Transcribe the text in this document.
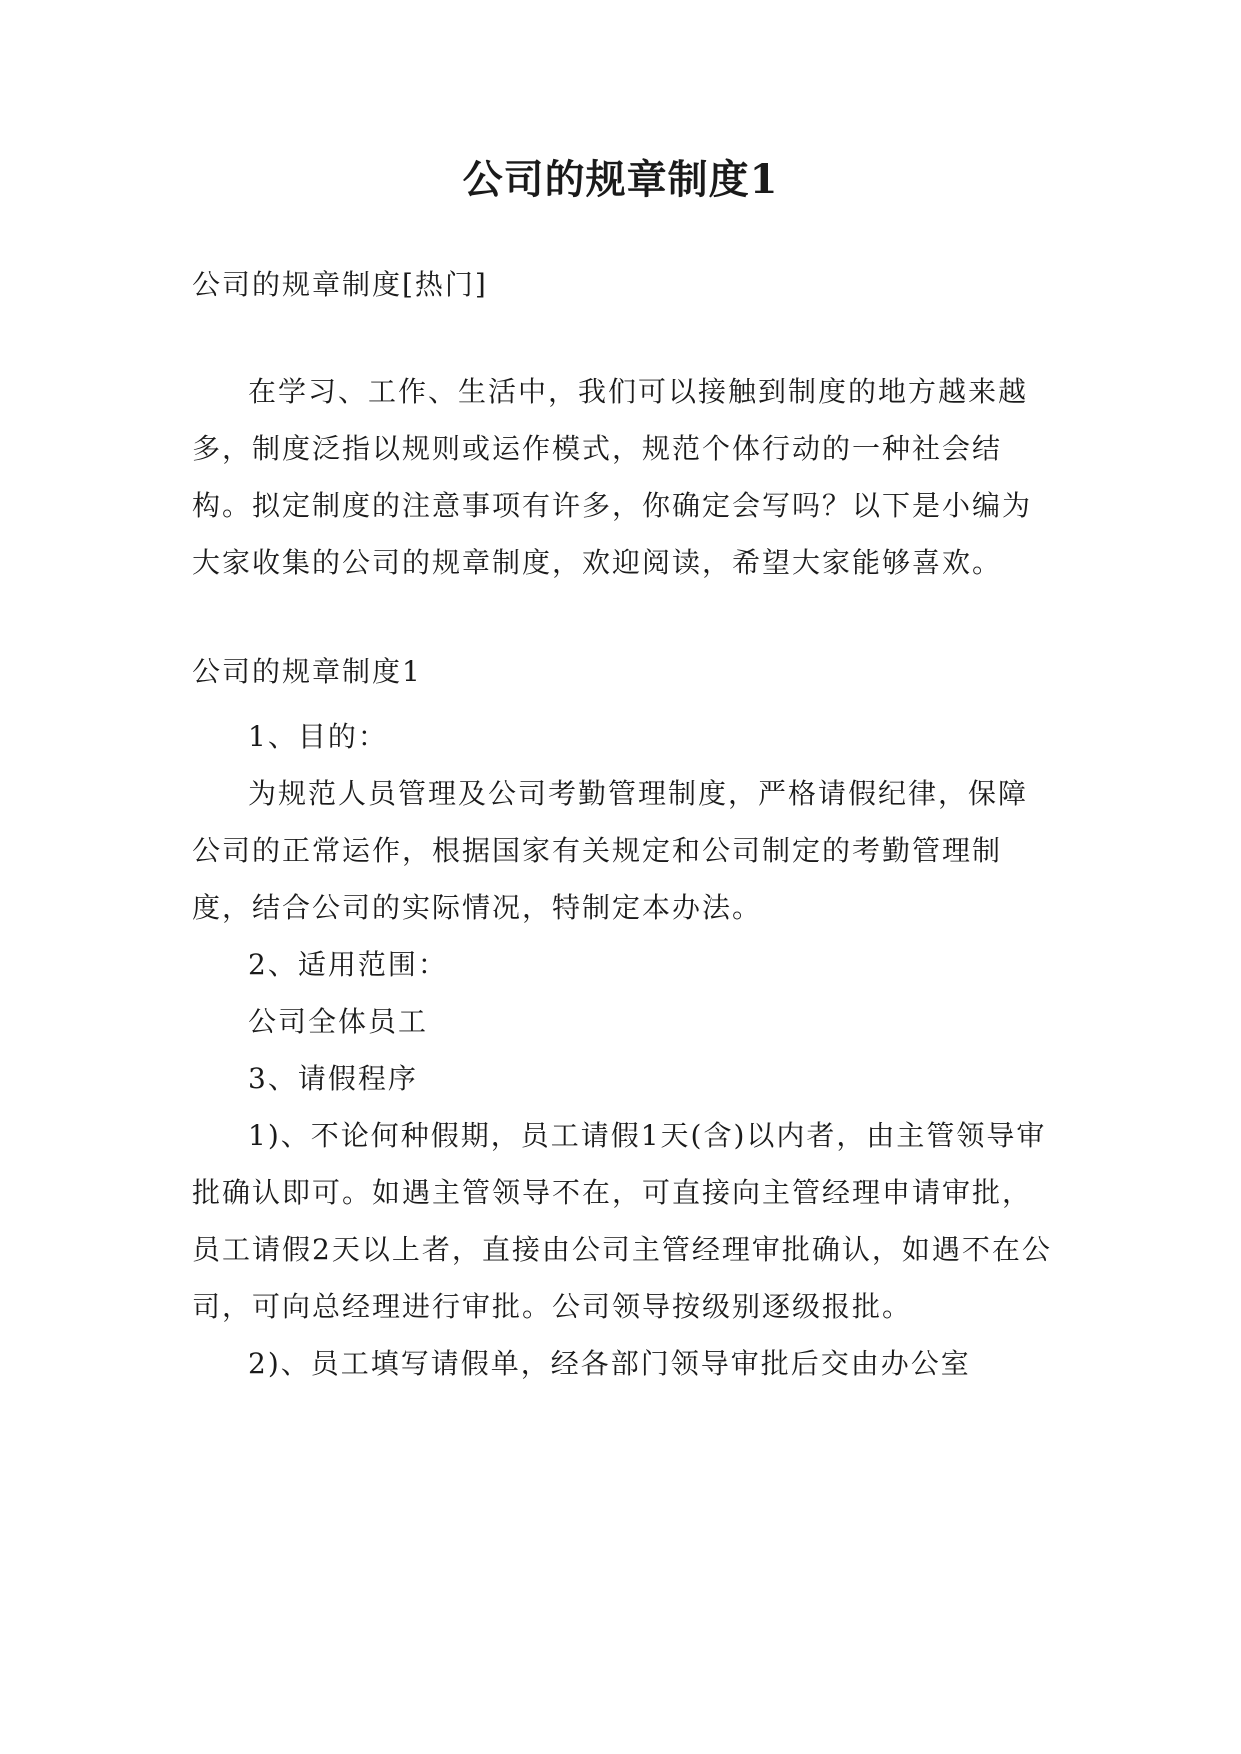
公司的规章制度1

公司的规章制度[热门]

在学习、工作、生活中，我们可以接触到制度的地方越来越多，制度泛指以规则或运作模式，规范个体行动的一种社会结构。拟定制度的注意事项有许多，你确定会写吗？以下是小编为大家收集的公司的规章制度，欢迎阅读，希望大家能够喜欢。

公司的规章制度1

1、目的：

为规范人员管理及公司考勤管理制度，严格请假纪律，保障公司的正常运作，根据国家有关规定和公司制定的考勤管理制度，结合公司的实际情况，特制定本办法。

2、适用范围：

公司全体员工

3、请假程序

1)、不论何种假期，员工请假1天(含)以内者，由主管领导审批确认即可。如遇主管领导不在，可直接向主管经理申请审批，员工请假2天以上者，直接由公司主管经理审批确认，如遇不在公司，可向总经理进行审批。公司领导按级别逐级报批。

2)、员工填写请假单，经各部门领导审批后交由办公室
